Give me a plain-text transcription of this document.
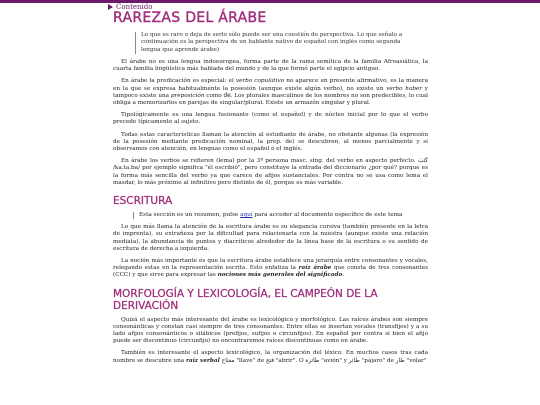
Contenido
RAREZAS DEL ÁRABE
Lo que es raro o deja de serlo sólo puede ser una cuestión de perspectiva. Lo que señalo a continuación es la perspectiva de un hablante nativo de español con inglés como segunda lengua que aprende árabe)

El árabe no es una lengua indoeuropea, forma parte de la rama semítica de la familia Afroasiática, la cuarta familia lingüística más hablada del mundo y de la que formó parte el egipcio antiguo.

En árabe la predicación es especial: el verbo copulativo no aparece en presente afirmativo, es la manera en la que se expresa habitualmente la posesión (aunque existe algún verbo), no existe un verbo haber y tampoco existe una preposición como de. Los plurales masculinos de los nombres no son predecibles, lo cual obliga a memorizarlos en parejas de singular/plural. Existe un armazón singular y plural.

Tipológicamente es una lengua fusionante (como el español) y de núcleo inicial por lo que el verbo precede típicamente al sujeto.

Todas estas características llaman la atención al estudiante de árabe, no obstante algunas (la expresión de la posesión mediante predicación nominal, la prep. de) se descubren, al menos parcialmente y si observamos con atención, en lenguas como el español o el inglés.

En árabe los verbos se refieren (lema) por la 3ª persona masc. sing. del verbo en aspecto perfecto. كَتَبَ /ka.ta.ba/ por ejemplo significa "él escribió", pero constituye la entrada del diccionario ¿por qué? porque es la forma más sencilla del verbo ya que carece de afijos sustanciales. Por contra no se usa como lema el masdar, lo más próximo al infinitivo pero distinto de él, porque es más variable.

ESCRITURA
Esta sección es un resumen, pulse aquí para acceder al documento específico de este tema

Lo que más llama la atención de la escritura árabe es su elegancia cursiva (también presente en la letra de imprenta), su extrañeza por la dificultad para relacionarla con la nuestra (aunque existe una relación mediata), la abundancia de puntos y diacríticos alrededor de la línea base de la escritura o su sentido de escritura de derecha a izquierda.

La noción más importante es que la escritura árabe establece una jerarquía entre consonantes y vocales, relegando estas en la representación escrita. Esto enfatiza la raíz árabe que consta de tres consonantes (CCC) y que sirve para expresar las nociones más generales del significado.

MORFOLOGÍA Y LEXICOLOGÍA, EL CAMPEÓN DE LA DERIVACIÓN

Quizá el aspecto más interesante del árabe es lexicológico y morfológico. Las raíces árabes son siempre consonánticas y constan casi siempre de tres consonantes. Entre ellas se insertan vocales (transfijos) y a su lado afijos consonánticos o silábicos (prefijos, sufijos o circunfijos). En español por contra si bien el afijo puede ser discontinuo (circunfijo) no encontraremos raíces discontinuas como en árabe.

También es interesante el aspecto lexicológico, la organización del léxico. En muchos casos tras cada nombre se descubre una raíz verbal مفتاح "llave" de فتح "abrir". O طائرة "avión" y طائر "pájaro" de طار "volar"
